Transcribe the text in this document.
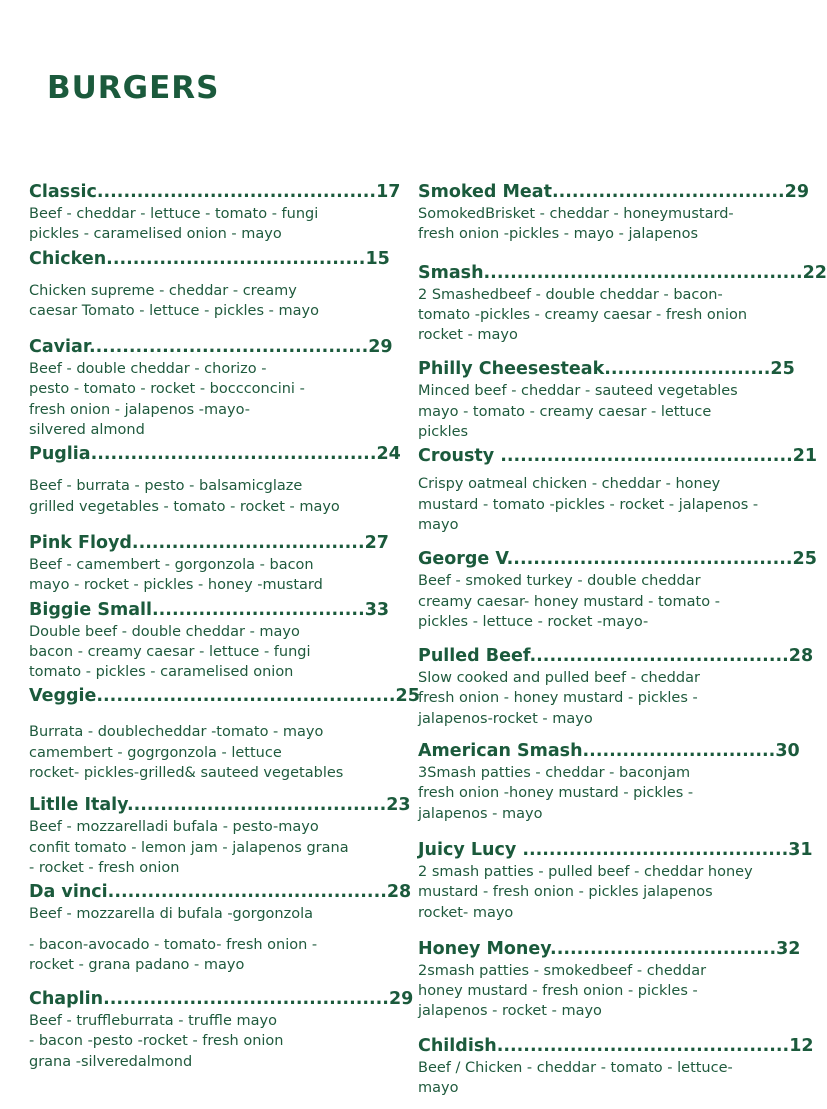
BURGERS
Classic..........................................17
Beef - cheddar - lettuce - tomato - fungi
pickles - caramelised onion - mayo
Chicken.......................................15
Chicken supreme - cheddar - creamy
caesar Tomato - lettuce - pickles - mayo
Caviar..........................................29
Beef - double cheddar - chorizo -
pesto - tomato - rocket - boccconcini -
fresh onion - jalapenos -mayo-
silvered almond
Puglia...........................................24
Beef - burrata - pesto - balsamicglaze
grilled vegetables - tomato - rocket - mayo
Pink Floyd...................................27
Beef - camembert - gorgonzola - bacon
mayo - rocket - pickles - honey -mustard
Biggie Small................................33
Double beef - double cheddar - mayo
bacon - creamy caesar - lettuce - fungi
tomato - pickles - caramelised onion
Veggie.............................................25
Burrata - doublecheddar -tomato - mayo
camembert - gogrgonzola - lettuce
rocket- pickles-grilled& sauteed vegetables
Litlle Italy.......................................23
Beef - mozzarelladi bufala - pesto-mayo
confit tomato - lemon jam - jalapenos grana
- rocket - fresh onion
Da vinci..........................................28
Beef - mozzarella di bufala -gorgonzola
- bacon-avocado - tomato- fresh onion -
rocket - grana padano - mayo
Chaplin...........................................29
Beef - truffleburrata - truffle mayo
- bacon -pesto -rocket - fresh onion
grana -silveredalmond
Smoked Meat...................................29
SomokedBrisket - cheddar - honeymustard-
fresh onion -pickles - mayo - jalapenos
Smash................................................22
2 Smashedbeef - double cheddar - bacon-
tomato -pickles - creamy caesar - fresh onion
rocket - mayo
Philly Cheesesteak.........................25
Minced beef - cheddar - sauteed vegetables
mayo - tomato - creamy caesar - lettuce
pickles
Crousty ............................................21
Crispy oatmeal chicken - cheddar - honey
mustard - tomato -pickles - rocket - jalapenos -
mayo
George V...........................................25
Beef - smoked turkey - double cheddar
creamy caesar- honey mustard - tomato -
pickles - lettuce - rocket -mayo-
Pulled Beef.......................................28
Slow cooked and pulled beef - cheddar
fresh onion - honey mustard - pickles -
jalapenos-rocket - mayo
American Smash.............................30
3Smash patties - cheddar - baconjam
fresh onion -honey mustard - pickles -
jalapenos - mayo
Juicy Lucy ........................................31
2 smash patties - pulled beef - cheddar honey
mustard - fresh onion - pickles jalapenos
rocket- mayo
Honey Money..................................32
2smash patties - smokedbeef - cheddar
honey mustard - fresh onion - pickles -
jalapenos - rocket - mayo
Childish............................................12
Beef / Chicken - cheddar - tomato - lettuce-
mayo
